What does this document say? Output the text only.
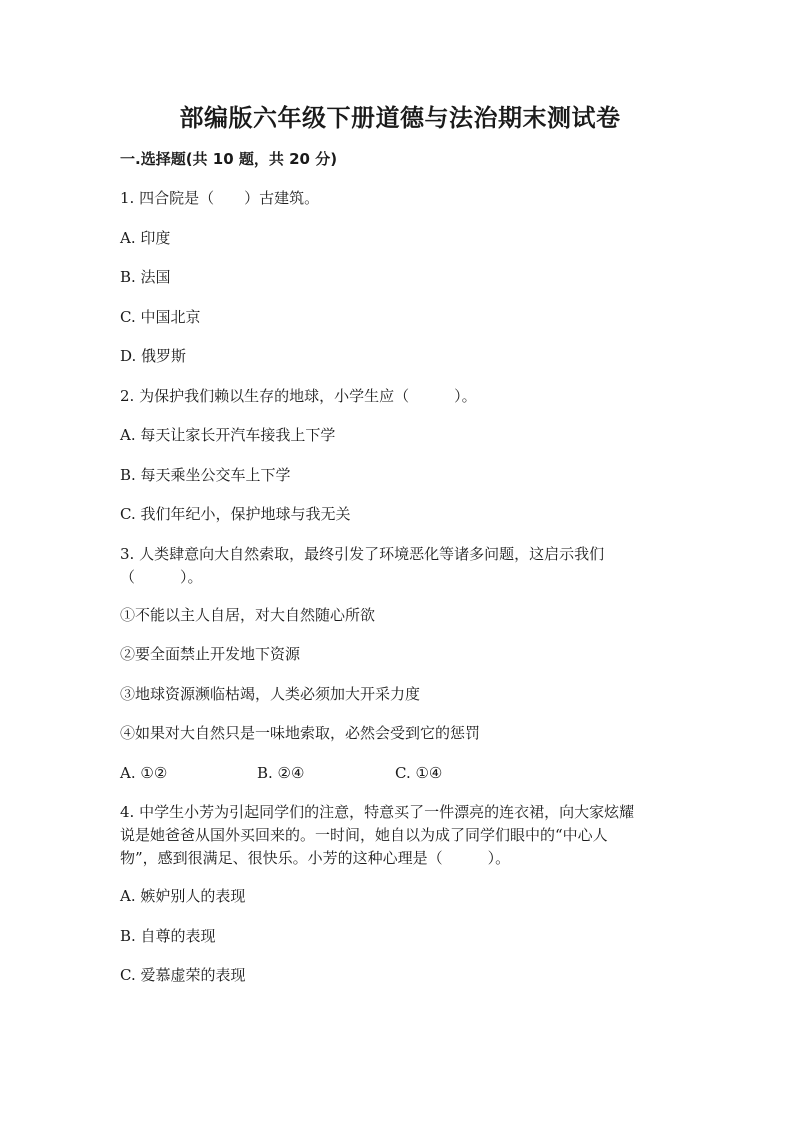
部编版六年级下册道德与法治期末测试卷
一.选择题(共 10 题，共 20 分)
1. 四合院是（　　）古建筑。
A. 印度
B. 法国
C. 中国北京
D. 俄罗斯
2. 为保护我们赖以生存的地球，小学生应（　　　）。
A. 每天让家长开汽车接我上下学
B. 每天乘坐公交车上下学
C. 我们年纪小，保护地球与我无关
3. 人类肆意向大自然索取，最终引发了环境恶化等诸多问题，这启示我们
（　　　）。
①不能以主人自居，对大自然随心所欲
②要全面禁止开发地下资源
③地球资源濒临枯竭，人类必须加大开采力度
④如果对大自然只是一味地索取，必然会受到它的惩罚
A. ①②	B. ②④	C. ①④
4. 中学生小芳为引起同学们的注意，特意买了一件漂亮的连衣裙，向大家炫耀
说是她爸爸从国外买回来的。一时间，她自以为成了同学们眼中的“中心人
物”，感到很满足、很快乐。小芳的这种心理是（　　　）。
A. 嫉妒别人的表现
B. 自尊的表现
C. 爱慕虚荣的表现
